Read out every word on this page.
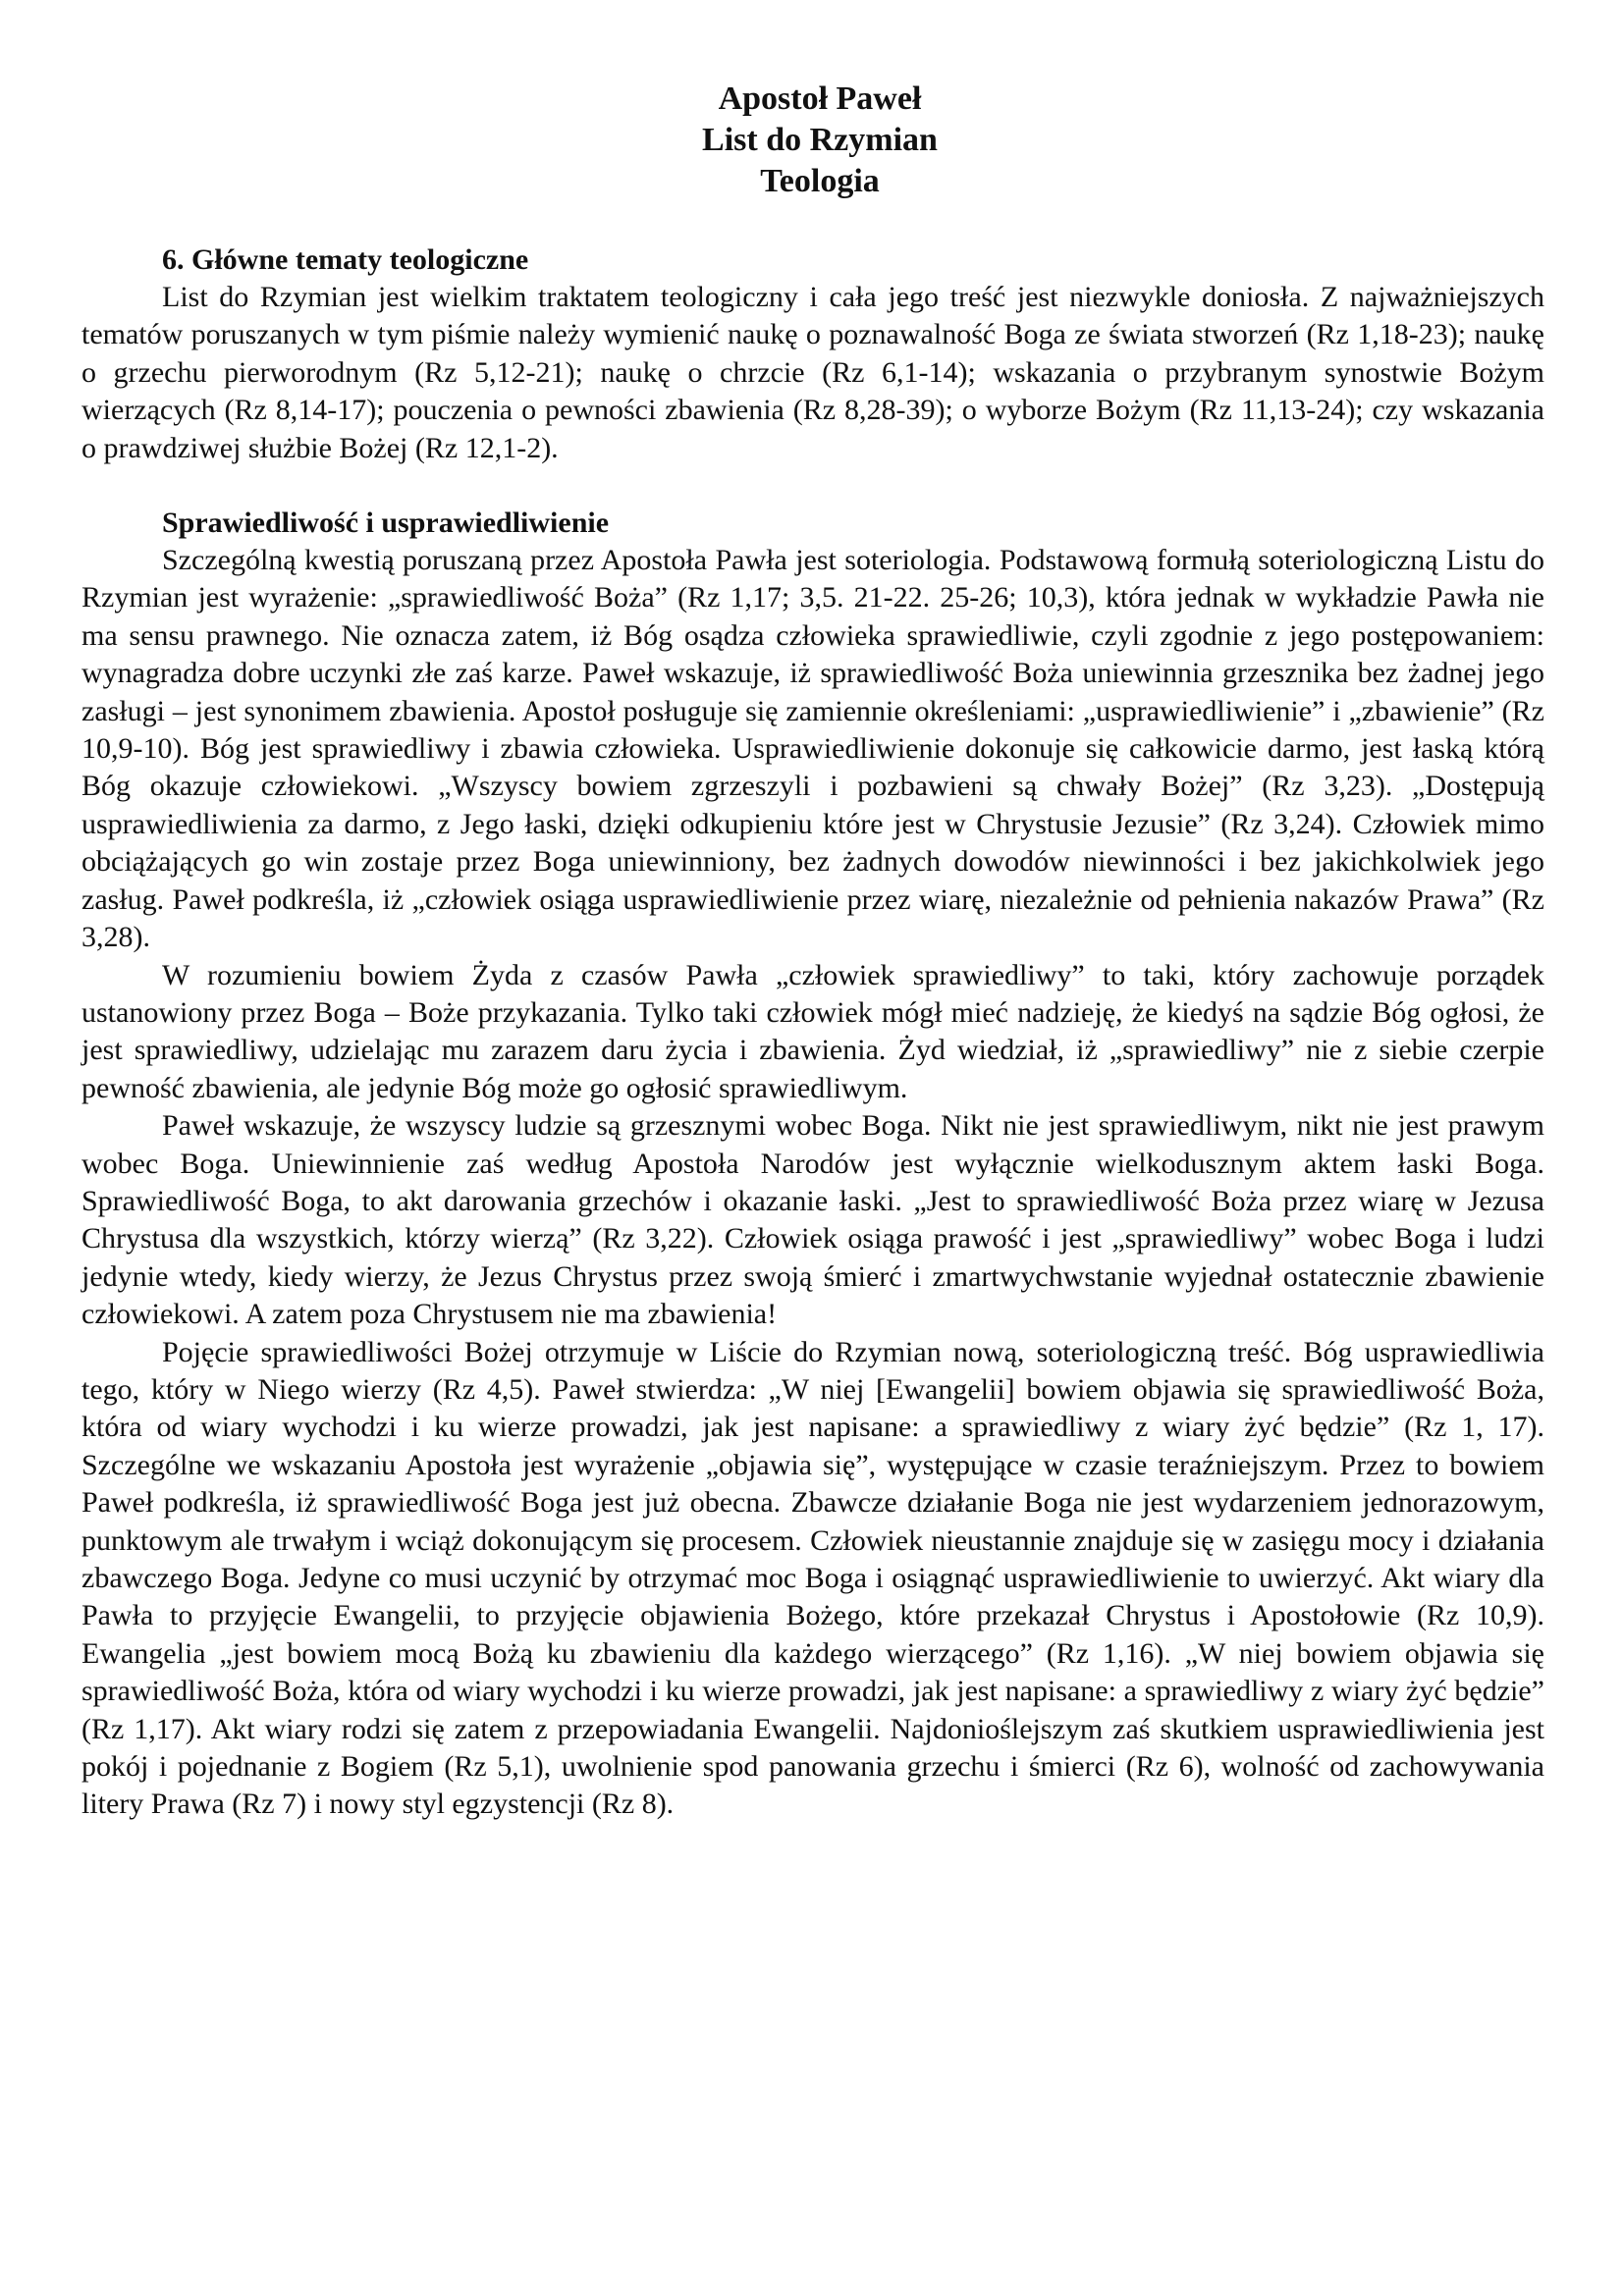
Apostoł Paweł
List do Rzymian
Teologia
6. Główne tematy teologiczne

List do Rzymian jest wielkim traktatem teologiczny i cała jego treść jest niezwykle doniosła. Z najważniejszych tematów poruszanych w tym piśmie należy wymienić naukę o poznawalność Boga ze świata stworzeń (Rz 1,18-23); naukę o grzechu pierworodnym (Rz 5,12-21); naukę o chrzcie (Rz 6,1-14); wskazania o przybranym synostwie Bożym wierzących (Rz 8,14-17); pouczenia o pewności zbawienia (Rz 8,28-39); o wyborze Bożym (Rz 11,13-24); czy wskazania o prawdziwej służbie Bożej (Rz 12,1-2).

Sprawiedliwość i usprawiedliwienie

Szczególną kwestią poruszaną przez Apostoła Pawła jest soteriologia. Podstawową formułą soteriologiczną Listu do Rzymian jest wyrażenie: „sprawiedliwość Boża” (Rz 1,17; 3,5. 21-22. 25-26; 10,3), która jednak w wykładzie Pawła nie ma sensu prawnego. Nie oznacza zatem, iż Bóg osądza człowieka sprawiedliwie, czyli zgodnie z jego postępowaniem: wynagradza dobre uczynki złe zaś karze. Paweł wskazuje, iż sprawiedliwość Boża uniewinnia grzesznika bez żadnej jego zasługi – jest synonimem zbawienia. Apostoł posługuje się zamiennie określeniami: „usprawiedliwienie” i „zbawienie” (Rz 10,9-10). Bóg jest sprawiedliwy i zbawia człowieka. Usprawiedliwienie dokonuje się całkowicie darmo, jest łaską którą Bóg okazuje człowiekowi. „Wszyscy bowiem zgrzeszyli i pozbawieni są chwały Bożej” (Rz 3,23). „Dostępują usprawiedliwienia za darmo, z Jego łaski, dzięki odkupieniu które jest w Chrystusie Jezusie” (Rz 3,24). Człowiek mimo obciążających go win zostaje przez Boga uniewinniony, bez żadnych dowodów niewinności i bez jakichkolwiek jego zasług. Paweł podkreśla, iż „człowiek osiąga usprawiedliwienie przez wiarę, niezależnie od pełnienia nakazów Prawa” (Rz 3,28).

W rozumieniu bowiem Żyda z czasów Pawła „człowiek sprawiedliwy” to taki, który zachowuje porządek ustanowiony przez Boga – Boże przykazania. Tylko taki człowiek mógł mieć nadzieję, że kiedyś na sądzie Bóg ogłosi, że jest sprawiedliwy, udzielając mu zarazem daru życia i zbawienia. Żyd wiedział, iż „sprawiedliwy” nie z siebie czerpie pewność zbawienia, ale jedynie Bóg może go ogłosić sprawiedliwym.

Paweł wskazuje, że wszyscy ludzie są grzesznymi wobec Boga. Nikt nie jest sprawiedliwym, nikt nie jest prawym wobec Boga. Uniewinnienie zaś według Apostoła Narodów jest wyłącznie wielkodusznym aktem łaski Boga. Sprawiedliwość Boga, to akt darowania grzechów i okazanie łaski. „Jest to sprawiedliwość Boża przez wiarę w Jezusa Chrystusa dla wszystkich, którzy wierzą” (Rz 3,22). Człowiek osiąga prawość i jest „sprawiedliwy” wobec Boga i ludzi jedynie wtedy, kiedy wierzy, że Jezus Chrystus przez swoją śmierć i zmartwychwstanie wyjednał ostatecznie zbawienie człowiekowi. A zatem poza Chrystusem nie ma zbawienia!

Pojęcie sprawiedliwości Bożej otrzymuje w Liście do Rzymian nową, soteriologiczną treść. Bóg usprawiedliwia tego, który w Niego wierzy (Rz 4,5). Paweł stwierdza: „W niej [Ewangelii] bowiem objawia się sprawiedliwość Boża, która od wiary wychodzi i ku wierze prowadzi, jak jest napisane: a sprawiedliwy z wiary żyć będzie” (Rz 1, 17). Szczególne we wskazaniu Apostoła jest wyrażenie „objawia się”, występujące w czasie teraźniejszym. Przez to bowiem Paweł podkreśla, iż sprawiedliwość Boga jest już obecna. Zbawcze działanie Boga nie jest wydarzeniem jednorazowym, punktowym ale trwałym i wciąż dokonującym się procesem. Człowiek nieustannie znajduje się w zasięgu mocy i działania zbawczego Boga. Jedyne co musi uczynić by otrzymać moc Boga i osiągnąć usprawiedliwienie to uwierzyć. Akt wiary dla Pawła to przyjęcie Ewangelii, to przyjęcie objawienia Bożego, które przekazał Chrystus i Apostołowie (Rz 10,9). Ewangelia „jest bowiem mocą Bożą ku zbawieniu dla każdego wierzącego” (Rz 1,16). „W niej bowiem objawia się sprawiedliwość Boża, która od wiary wychodzi i ku wierze prowadzi, jak jest napisane: a sprawiedliwy z wiary żyć będzie” (Rz 1,17). Akt wiary rodzi się zatem z przepowiadania Ewangelii. Najdonioślejszym zaś skutkiem usprawiedliwienia jest pokój i pojednanie z Bogiem (Rz 5,1), uwolnienie spod panowania grzechu i śmierci (Rz 6), wolność od zachowywania litery Prawa (Rz 7) i nowy styl egzystencji (Rz 8).
